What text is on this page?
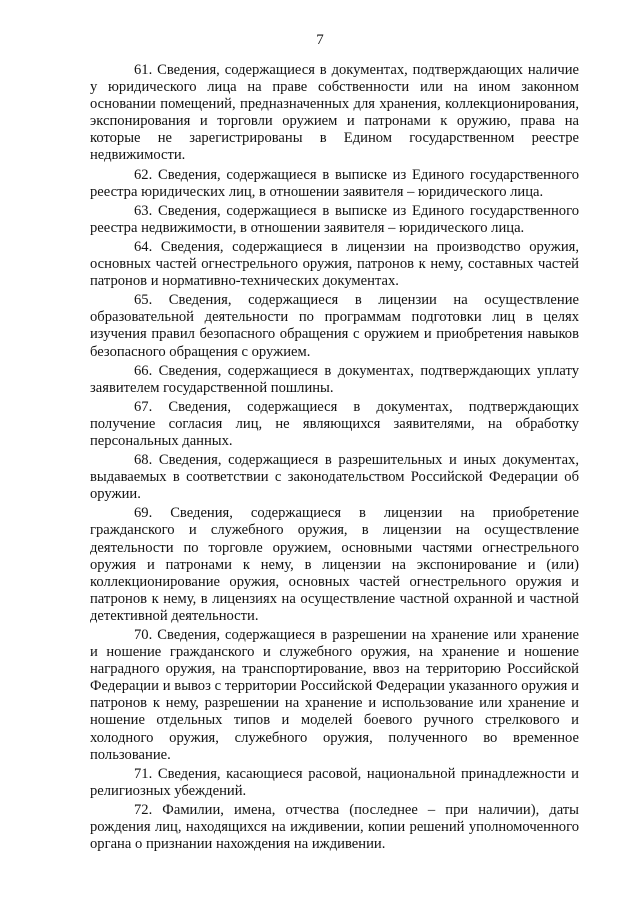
7

61. Сведения, содержащиеся в документах, подтверждающих наличие у юридического лица на праве собственности или на ином законном основании помещений, предназначенных для хранения, коллекционирования, экспонирования и торговли оружием и патронами к оружию, права на которые не зарегистрированы в Едином государственном реестре недвижимости.

62. Сведения, содержащиеся в выписке из Единого государственного реестра юридических лиц, в отношении заявителя – юридического лица.

63. Сведения, содержащиеся в выписке из Единого государственного реестра недвижимости, в отношении заявителя – юридического лица.

64. Сведения, содержащиеся в лицензии на производство оружия, основных частей огнестрельного оружия, патронов к нему, составных частей патронов и нормативно-технических документах.

65. Сведения, содержащиеся в лицензии на осуществление образовательной деятельности по программам подготовки лиц в целях изучения правил безопасного обращения с оружием и приобретения навыков безопасного обращения с оружием.

66. Сведения, содержащиеся в документах, подтверждающих уплату заявителем государственной пошлины.

67. Сведения, содержащиеся в документах, подтверждающих получение согласия лиц, не являющихся заявителями, на обработку персональных данных.

68. Сведения, содержащиеся в разрешительных и иных документах, выдаваемых в соответствии с законодательством Российской Федерации об оружии.

69. Сведения, содержащиеся в лицензии на приобретение гражданского и служебного оружия, в лицензии на осуществление деятельности по торговле оружием, основными частями огнестрельного оружия и патронами к нему, в лицензии на экспонирование и (или) коллекционирование оружия, основных частей огнестрельного оружия и патронов к нему, в лицензиях на осуществление частной охранной и частной детективной деятельности.

70. Сведения, содержащиеся в разрешении на хранение или хранение и ношение гражданского и служебного оружия, на хранение и ношение наградного оружия, на транспортирование, ввоз на территорию Российской Федерации и вывоз с территории Российской Федерации указанного оружия и патронов к нему, разрешении на хранение и использование или хранение и ношение отдельных типов и моделей боевого ручного стрелкового и холодного оружия, служебного оружия, полученного во временное пользование.

71. Сведения, касающиеся расовой, национальной принадлежности и религиозных убеждений.

72. Фамилии, имена, отчества (последнее – при наличии), даты рождения лиц, находящихся на иждивении, копии решений уполномоченного органа о признании нахождения на иждивении.
